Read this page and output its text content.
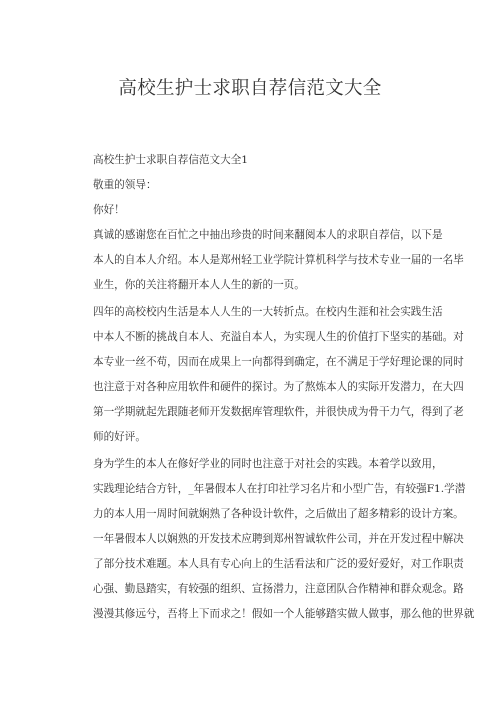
高校生护士求职自荐信范文大全

高校生护士求职自荐信范文大全1

敬重的领导：

你好！

真诚的感谢您在百忙之中抽出珍贵的时间来翻阅本人的求职自荐信，以下是
本人的自本人介绍。本人是郑州轻工业学院计算机科学与技术专业一届的一名毕
业生，你的关注将翻开本人人生的新的一页。

四年的高校校内生活是本人人生的一大转折点。在校内生涯和社会实践生活
中本人不断的挑战自本人、充溢自本人，为实现人生的价值打下坚实的基础。对
本专业一丝不苟，因而在成果上一向都得到确定，在不满足于学好理论课的同时
也注意于对各种应用软件和硬件的探讨。为了熬炼本人的实际开发潜力，在大四
第一学期就起先跟随老师开发数据库管理软件，并很快成为骨干力气，得到了老
师的好评。

身为学生的本人在修好学业的同时也注意于对社会的实践。本着学以致用，
实践理论结合方针，_年暑假本人在打印社学习名片和小型广告，有较强F1.学潜
力的本人用一周时间就娴熟了各种设计软件，之后做出了超多精彩的设计方案。
一年暑假本人以娴熟的开发技术应聘到郑州智诚软件公司，并在开发过程中解决
了部分技术难题。本人具有专心向上的生活看法和广泛的爱好爱好，对工作职责
心强、勤恳踏实，有较强的组织、宣扬潜力，注意团队合作精神和群众观念。路
漫漫其修远兮，吾将上下而求之！假如一个人能够踏实做人做事，那么他的世界就
